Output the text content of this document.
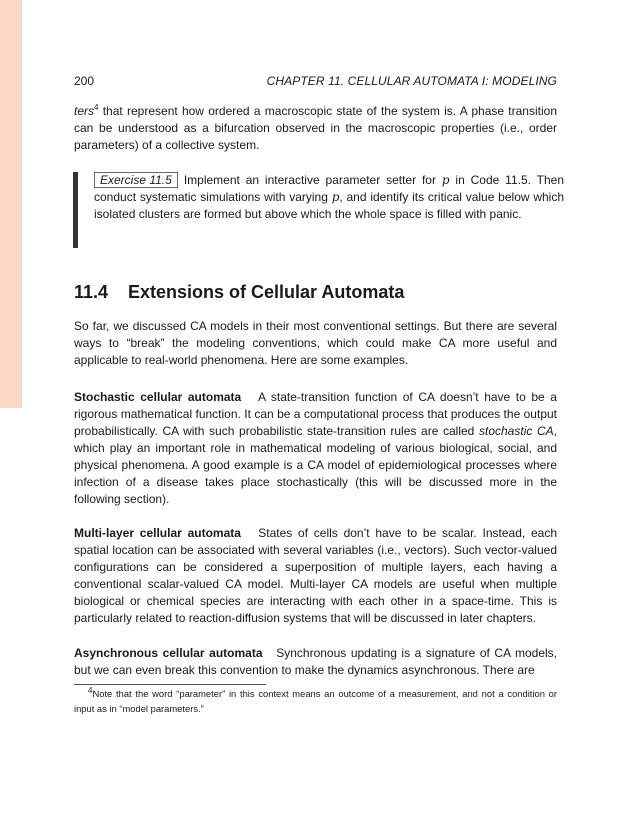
200	CHAPTER 11. CELLULAR AUTOMATA I: MODELING
ters$^4$ that represent how ordered a macroscopic state of the system is. A phase transition can be understood as a bifurcation observed in the macroscopic properties (i.e., order parameters) of a collective system.
Exercise 11.5 Implement an interactive parameter setter for p in Code 11.5. Then conduct systematic simulations with varying p, and identify its critical value below which isolated clusters are formed but above which the whole space is filled with panic.
11.4 Extensions of Cellular Automata
So far, we discussed CA models in their most conventional settings. But there are several ways to “break” the modeling conventions, which could make CA more useful and applicable to real-world phenomena. Here are some examples.
Stochastic cellular automata A state-transition function of CA doesn’t have to be a rigorous mathematical function. It can be a computational process that produces the output probabilistically. CA with such probabilistic state-transition rules are called stochastic CA, which play an important role in mathematical modeling of various biological, social, and physical phenomena. A good example is a CA model of epidemiological processes where infection of a disease takes place stochastically (this will be discussed more in the following section).
Multi-layer cellular automata States of cells don’t have to be scalar. Instead, each spatial location can be associated with several variables (i.e., vectors). Such vector-valued configurations can be considered a superposition of multiple layers, each having a conventional scalar-valued CA model. Multi-layer CA models are useful when multiple biological or chemical species are interacting with each other in a space-time. This is particularly related to reaction-diffusion systems that will be discussed in later chapters.
Asynchronous cellular automata Synchronous updating is a signature of CA models, but we can even break this convention to make the dynamics asynchronous. There are
$^4$Note that the word “parameter” in this context means an outcome of a measurement, and not a condition or input as in “model parameters.”
